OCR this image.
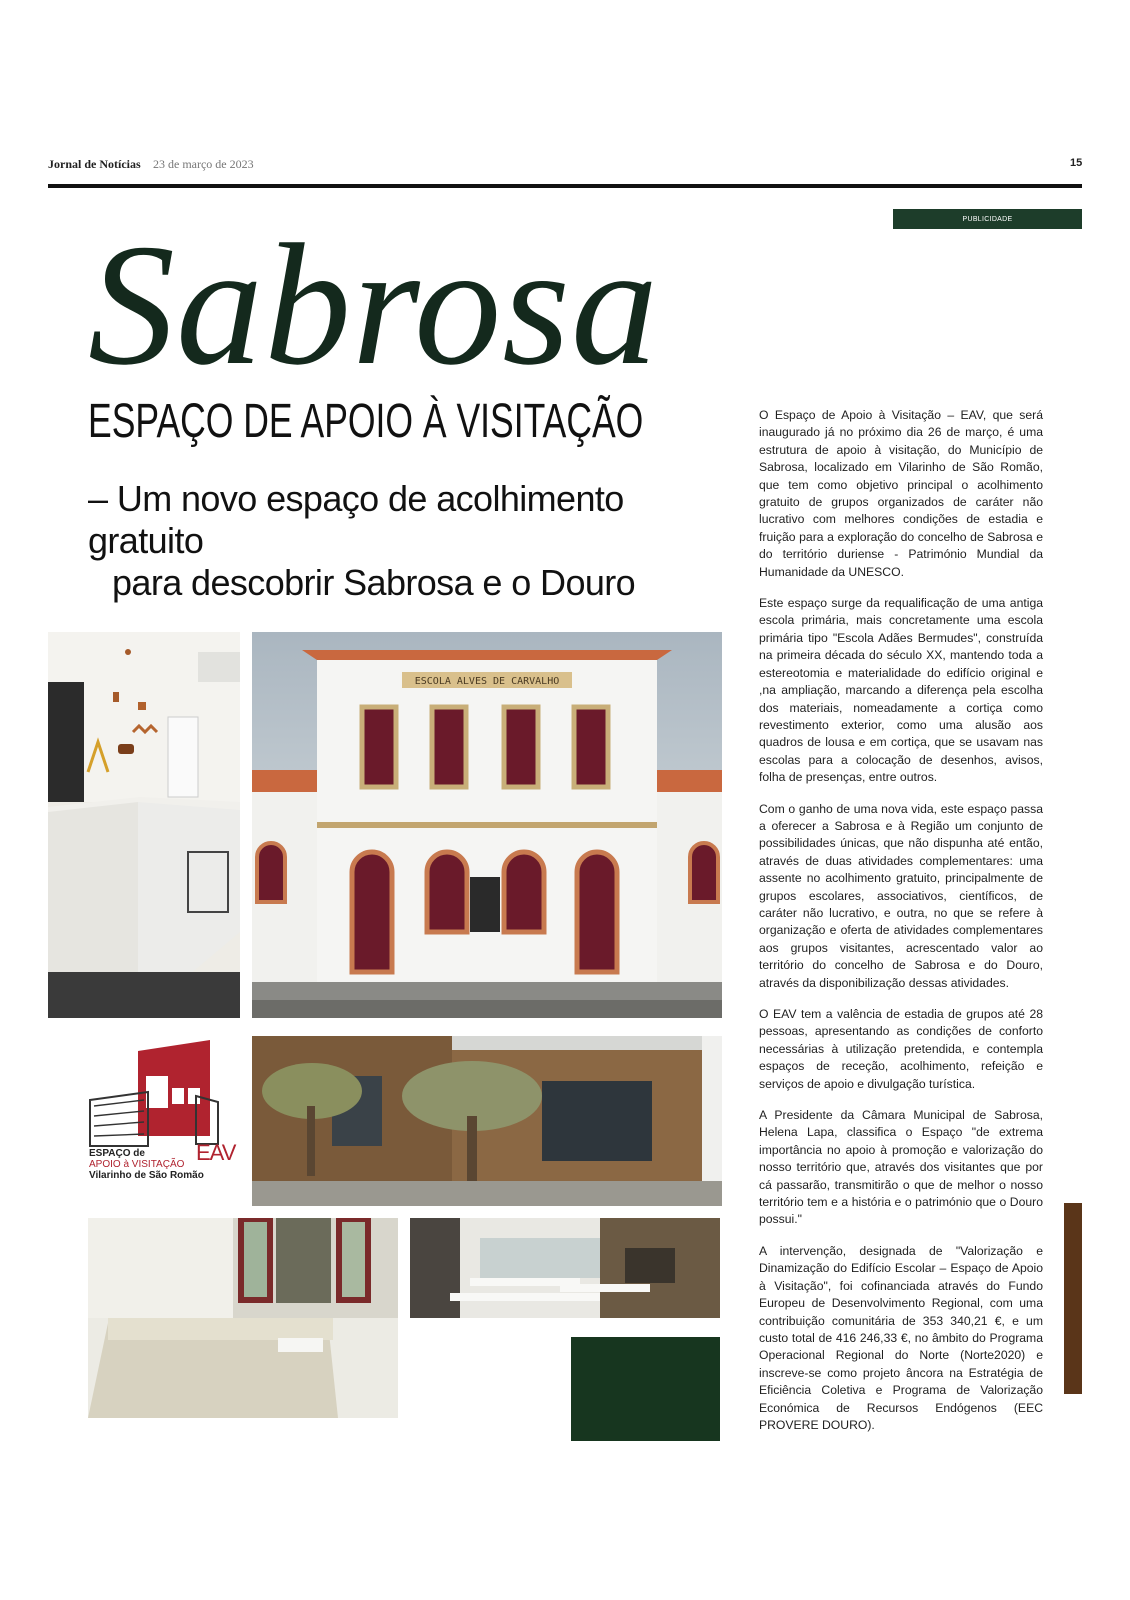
Jornal de Notícias 23 de março de 2023	15
PUBLICIDADE
Sabrosa
ESPAÇO DE APOIO À VISITAÇÃO
– Um novo espaço de acolhimento gratuito
para descobrir Sabrosa e o Douro

O Espaço de Apoio à Visitação – EAV, que será inaugurado já no próximo dia 26 de março, é uma estrutura de apoio à visitação, do Município de Sabrosa, localizado em Vilarinho de São Romão, que tem como objetivo principal o acolhimento gratuito de grupos organizados de caráter não lucrativo com melhores condições de estadia e fruição para a exploração do concelho de Sabrosa e do território duriense - Património Mundial da Humanidade da UNESCO.

Este espaço surge da requalificação de uma antiga escola primária, mais concretamente uma escola primária tipo "Escola Adães Bermudes", construída na primeira década do século XX, mantendo toda a estereotomia e materialidade do edifício original e ,na ampliação, marcando a diferença pela escolha dos materiais, nomeadamente a cortiça como revestimento exterior, como uma alusão aos quadros de lousa e em cortiça, que se usavam nas escolas para a colocação de desenhos, avisos, folha de presenças, entre outros.

Com o ganho de uma nova vida, este espaço passa a oferecer a Sabrosa e à Região um conjunto de possibilidades únicas, que não dispunha até então, através de duas atividades complementares: uma assente no acolhimento gratuito, principalmente de grupos escolares, associativos, científicos, de caráter não lucrativo, e outra, no que se refere à organização e oferta de atividades complementares aos grupos visitantes, acrescentado valor ao território do concelho de Sabrosa e do Douro, através da disponibilização dessas atividades.

O EAV tem a valência de estadia de grupos até 28 pessoas, apresentando as condições de conforto necessárias à utilização pretendida, e contempla espaços de receção, acolhimento, refeição e serviços de apoio e divulgação turística.

A Presidente da Câmara Municipal de Sabrosa, Helena Lapa, classifica o Espaço "de extrema importância no apoio à promoção e valorização do nosso território que, através dos visitantes que por cá passarão, transmitirão o que de melhor o nosso território tem e a história e o património que o Douro possui."

A intervenção, designada de "Valorização e Dinamização do Edifício Escolar – Espaço de Apoio à Visitação", foi cofinanciada através do Fundo Europeu de Desenvolvimento Regional, com uma contribuição comunitária de 353 340,21 €, e um custo total de 416 246,33 €, no âmbito do Programa Operacional Regional do Norte (Norte2020) e inscreve-se como projeto âncora na Estratégia de Eficiência Coletiva e Programa de Valorização Económica de Recursos Endógenos (EEC PROVERE DOURO).

ESCOLA ALVES DE CARVALHO
ESPAÇO de
APOIO à VISITAÇÃO
Vilarinho de São Romão
EAV
